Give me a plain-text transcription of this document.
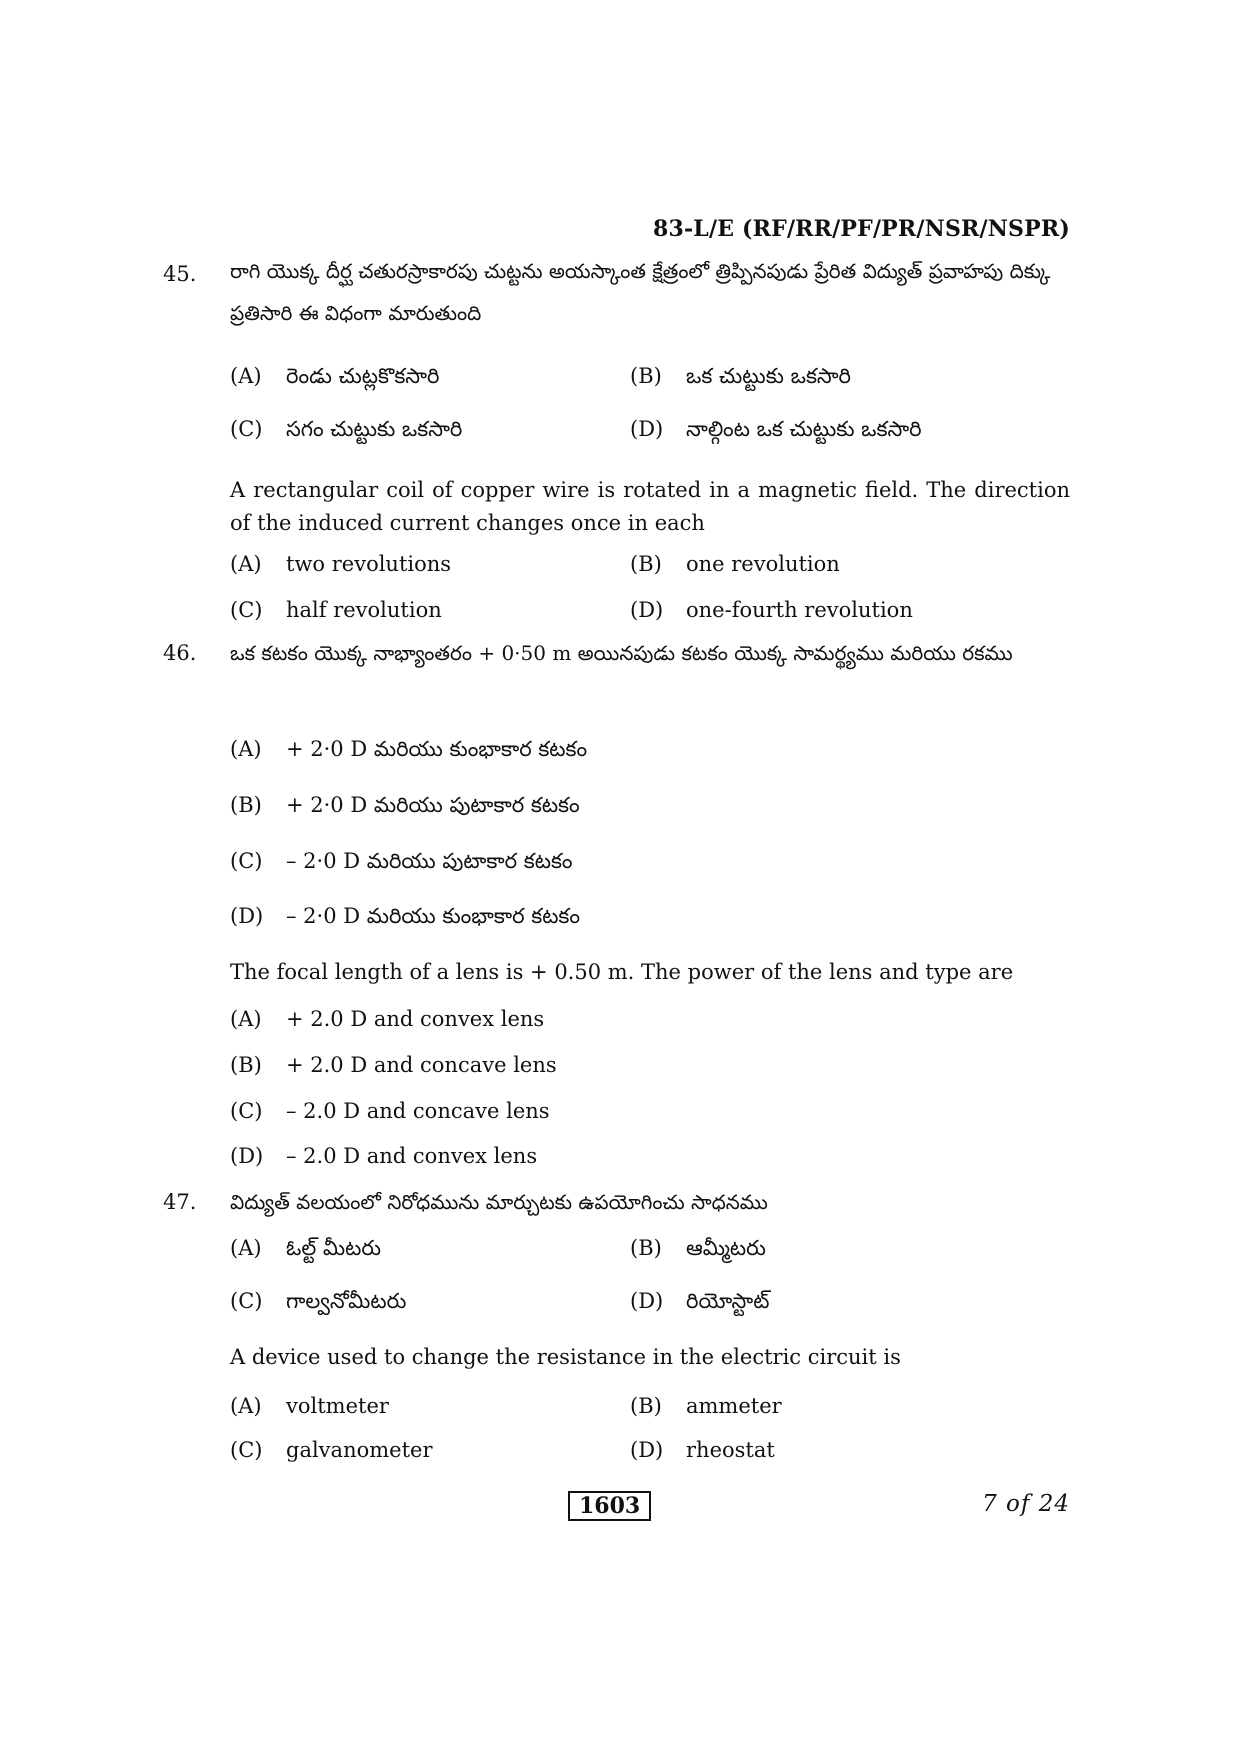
83-L/E (RF/RR/PF/PR/NSR/NSPR)
45. రాగి యొక్క దీర్ఘ చతురస్రాకారపు చుట్టను అయస్కాంత క్షేత్రంలో త్రిప్పినపుడు ప్రేరిత విద్యుత్ ప్రవాహపు దిక్కు ప్రతిసారి ఈ విధంగా మారుతుంది

(A) రెండు చుట్లకొకసారి	(B) ఒక చుట్టుకు ఒకసారి
(C) సగం చుట్టుకు ఒకసారి	(D) నాల్గింట ఒక చుట్టుకు ఒకసారి

A rectangular coil of copper wire is rotated in a magnetic field. The direction of the induced current changes once in each

(A) two revolutions	(B) one revolution
(C) half revolution	(D) one-fourth revolution
46. ఒక కటకం యొక్క నాభ్యాంతరం + 0·50 m అయినపుడు కటకం యొక్క సామర్థ్యము మరియు రకము

(A) + 2·0 D మరియు కుంభాకార కటకం
(B) + 2·0 D మరియు పుటాకార కటకం
(C) – 2·0 D మరియు పుటాకార కటకం
(D) – 2·0 D మరియు కుంభాకార కటకం

The focal length of a lens is + 0.50 m. The power of the lens and type are

(A) + 2.0 D and convex lens
(B) + 2.0 D and concave lens
(C) – 2.0 D and concave lens
(D) – 2.0 D and convex lens
47. విద్యుత్ వలయంలో నిరోధమును మార్చుటకు ఉపయోగించు సాధనము

(A) ఓల్ట్ మీటరు	(B) ఆమ్మీటరు
(C) గాల్వనోమీటరు	(D) రియోస్టాట్

A device used to change the resistance in the electric circuit is

(A) voltmeter	(B) ammeter
(C) galvanometer	(D) rheostat
1603	7 of 24
